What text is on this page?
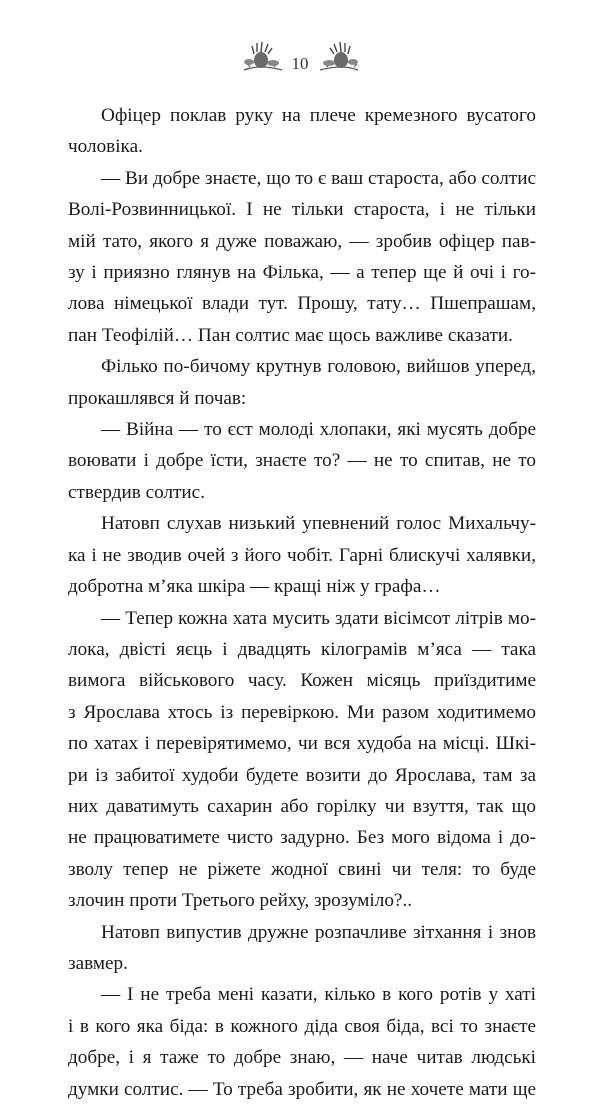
10

Офіцер поклав руку на плече кремезного вусатого
чоловіка.

— Ви добре знаєте, що то є ваш староста, або солтис
Волі-Розвинницької. І не тільки староста, і не тільки
мій тато, якого я дуже поважаю, — зробив офіцер пав-
зу і приязно глянув на Філька, — а тепер ще й очі і го-
лова німецької влади тут. Прошу, тату… Пшепрашам,
пан Теофілій… Пан солтис має щось важливе сказати.

Філько по-бичому крутнув головою, вийшов уперед,
прокашлявся й почав:

— Війна — то єст молоді хлопаки, які мусять добре
воювати і добре їсти, знаєте то? — не то спитав, не то
ствердив солтис.

Натовп слухав низький упевнений голос Михальчу-
ка і не зводив очей з його чобіт. Гарні блискучі халявки,
добротна м’яка шкіра — кращі ніж у графа…

— Тепер кожна хата мусить здати вісімсот літрів мо-
лока, двісті яєць і двадцять кілограмів м’яса — така
вимога військового часу. Кожен місяць приїздитиме
з Ярослава хтось із перевіркою. Ми разом ходитимемо
по хатах і перевірятимемо, чи вся худоба на місці. Шкі-
ри із забитої худоби будете возити до Ярослава, там за
них даватимуть сахарин або горілку чи взуття, так що
не працюватимете чисто задурно. Без мого відома і до-
зволу тепер не ріжете жодної свині чи теля: то буде
злочин проти Третього рейху, зрозуміло?..

Натовп випустив дружне розпачливе зітхання і знов
завмер.

— І не треба мені казати, кілько в кого ротів у хаті
і в кого яка біда: в кожного діда своя біда, всі то знаєте
добре, і я таже то добре знаю, — наче читав людські
думки солтис. — То треба зробити, як не хочете мати ще
